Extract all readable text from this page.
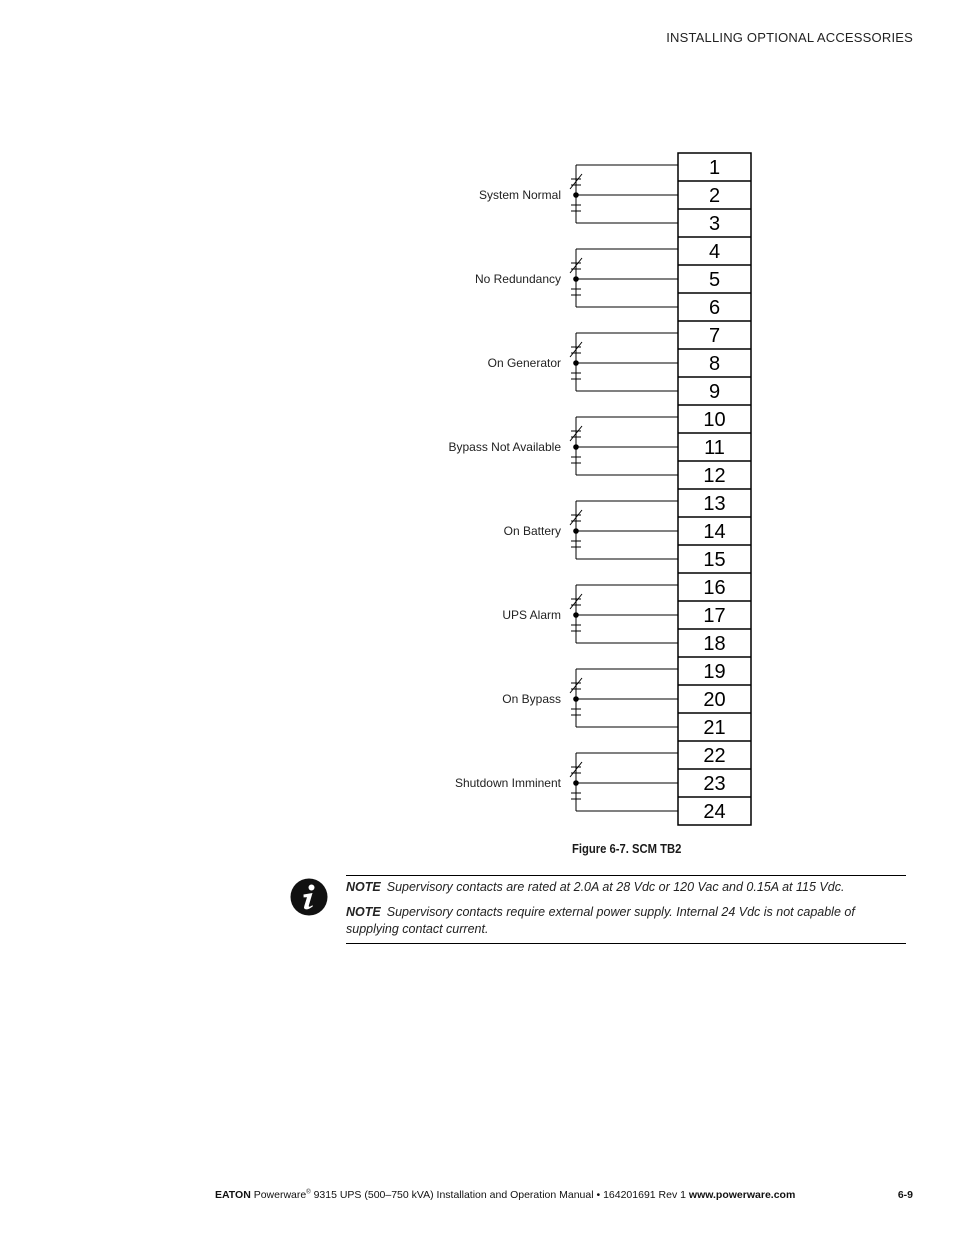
INSTALLING OPTIONAL ACCESSORIES
1
2
3
4
5
6
7
8
9
10
11
12
13
14
15
16
17
18
19
20
21
22
23
24
System Normal
No Redundancy
On Generator
Bypass Not Available
On Battery
UPS Alarm
On Bypass
Shutdown Imminent
Figure 6-7. SCM TB2
NOTE Supervisory contacts are rated at 2.0A at 28 Vdc or 120 Vac and 0.15A at 115 Vdc.
NOTE Supervisory contacts require external power supply. Internal 24 Vdc is not capable of supplying contact current.
EATON Powerware® 9315 UPS (500–750 kVA) Installation and Operation Manual • 164201691 Rev 1 www.powerware.com	6-9
